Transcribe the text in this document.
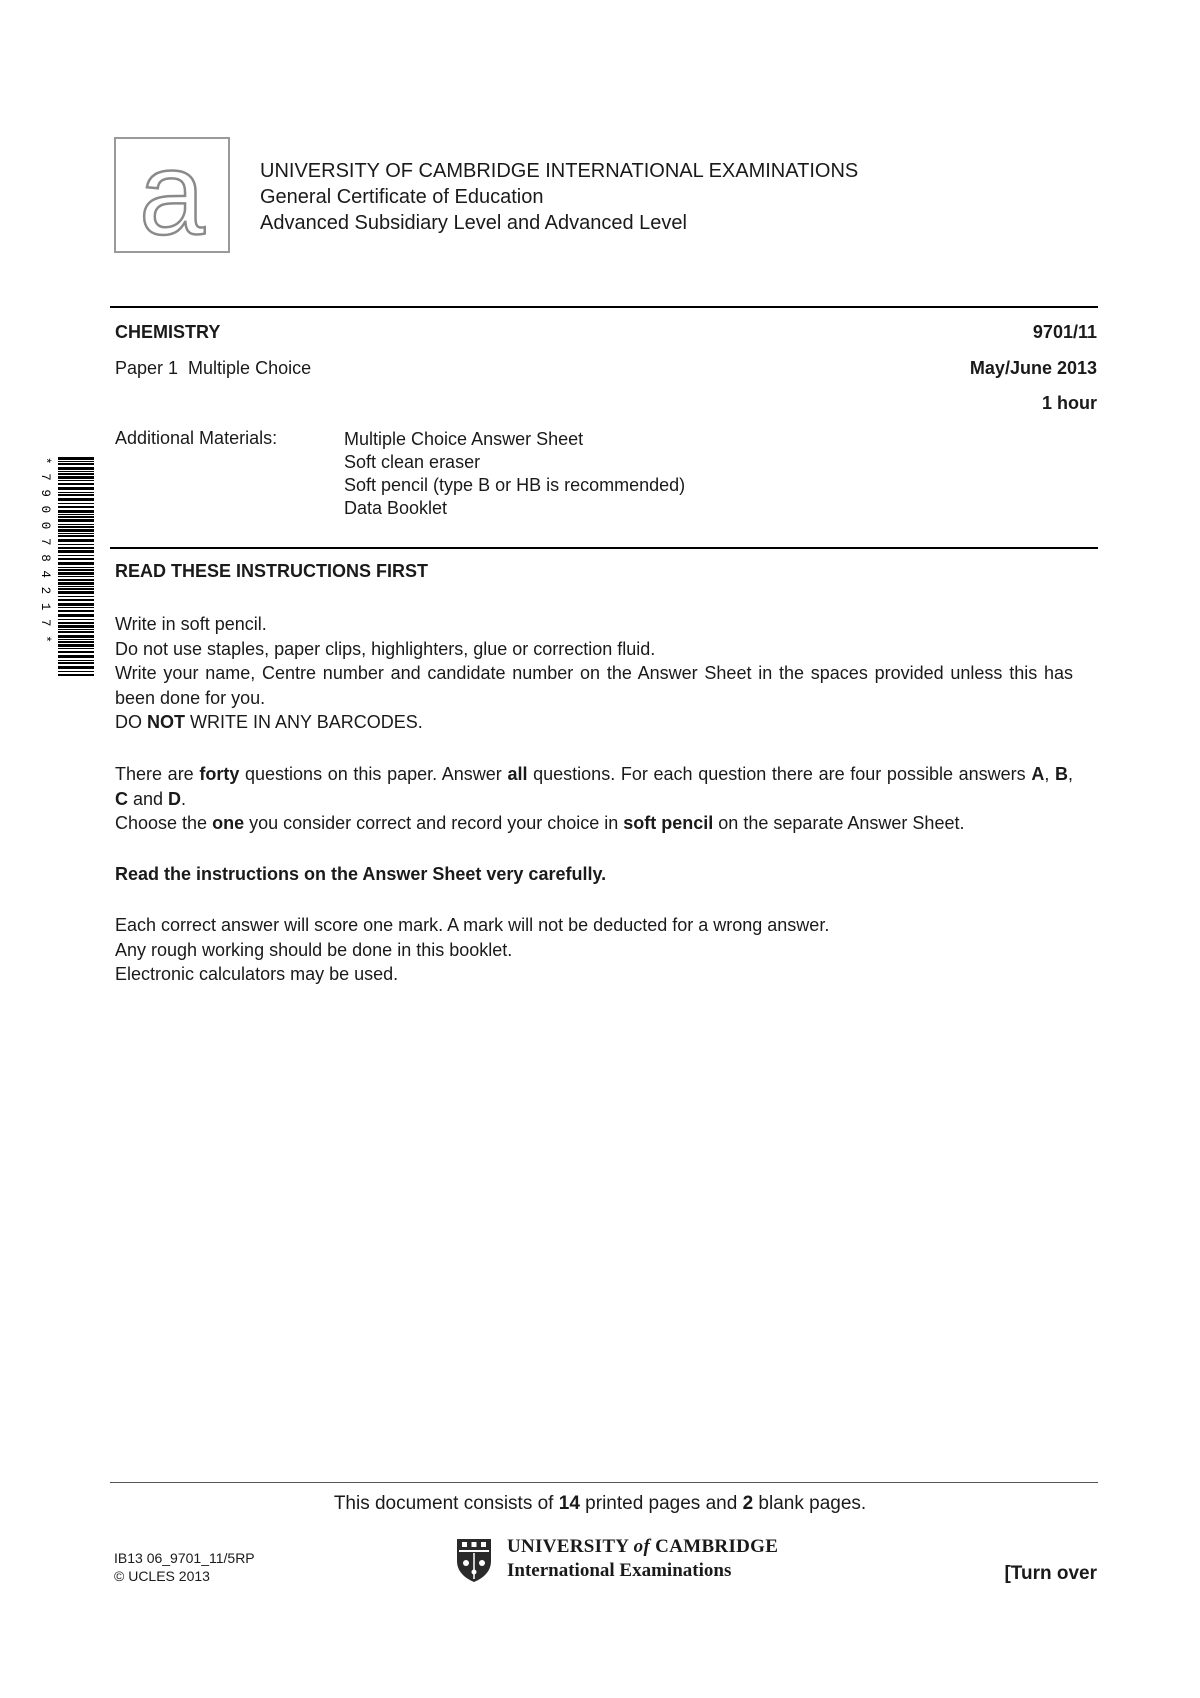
a	UNIVERSITY OF CAMBRIDGE INTERNATIONAL EXAMINATIONS
General Certificate of Education
Advanced Subsidiary Level and Advanced Level
CHEMISTRY	9701/11
Paper 1  Multiple Choice	May/June 2013
1 hour
Additional Materials:	Multiple Choice Answer Sheet
Soft clean eraser
Soft pencil (type B or HB is recommended)
Data Booklet
* 7 9 0 0 7 8 4 2 1 7 *	READ THESE INSTRUCTIONS FIRST
Write in soft pencil.
Do not use staples, paper clips, highlighters, glue or correction fluid.
Write your name, Centre number and candidate number on the Answer Sheet in the spaces provided unless this has been done for you.
DO NOT WRITE IN ANY BARCODES.
There are forty questions on this paper. Answer all questions. For each question there are four possible answers A, B, C and D.
Choose the one you consider correct and record your choice in soft pencil on the separate Answer Sheet.
Read the instructions on the Answer Sheet very carefully.
Each correct answer will score one mark. A mark will not be deducted for a wrong answer.
Any rough working should be done in this booklet.
Electronic calculators may be used.
This document consists of 14 printed pages and 2 blank pages.
IB13 06_9701_11/5RP
© UCLES 2013
UNIVERSITY of CAMBRIDGE
International Examinations	[Turn over
